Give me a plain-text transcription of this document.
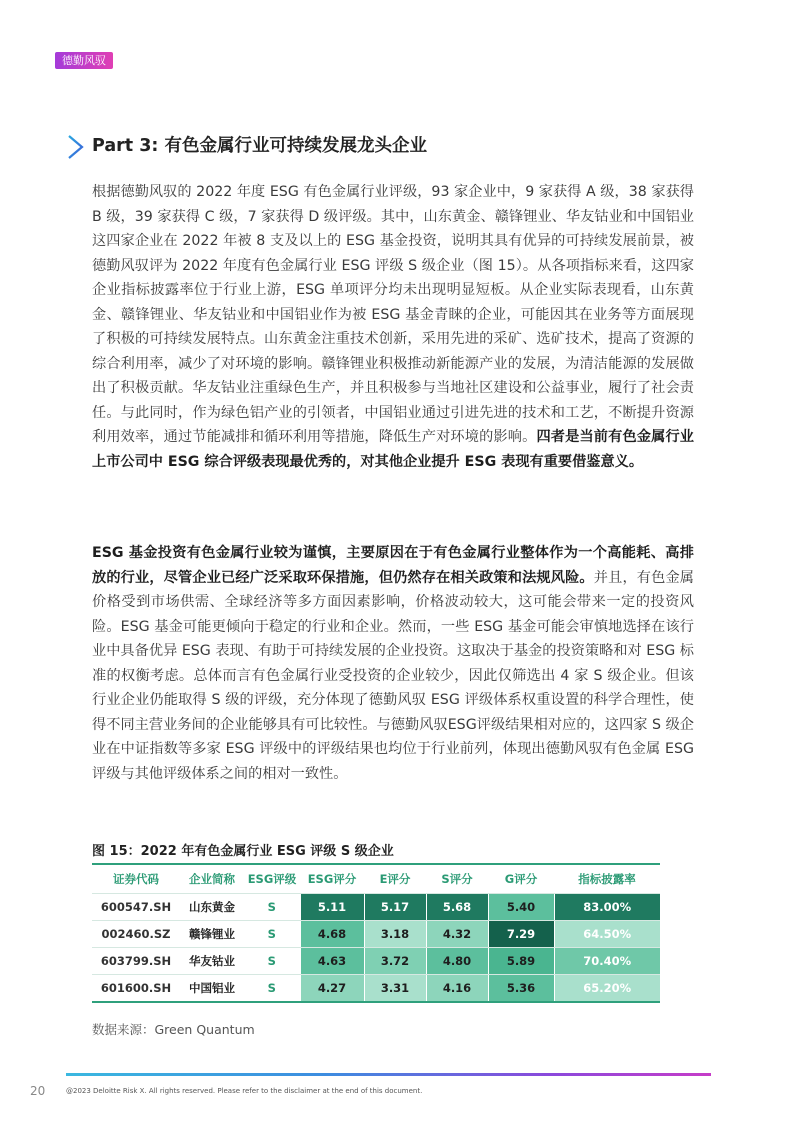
德勤风驭
Part 3: 有色金属行业可持续发展龙头企业

根据德勤风驭的 2022 年度 ESG 有色金属行业评级，93 家企业中，9 家获得 A 级，38 家获得 B 级，39 家获得 C 级，7 家获得 D 级评级。其中，山东黄金、赣锋锂业、华友钴业和中国铝业这四家企业在 2022 年被 8 支及以上的 ESG 基金投资，说明其具有优异的可持续发展前景，被德勤风驭评为 2022 年度有色金属行业 ESG 评级 S 级企业（图 15）。从各项指标来看，这四家企业指标披露率位于行业上游，ESG 单项评分均未出现明显短板。从企业实际表现看，山东黄金、赣锋锂业、华友钴业和中国铝业作为被 ESG 基金青睐的企业，可能因其在业务等方面展现了积极的可持续发展特点。山东黄金注重技术创新，采用先进的采矿、选矿技术，提高了资源的综合利用率，减少了对环境的影响。赣锋锂业积极推动新能源产业的发展，为清洁能源的发展做出了积极贡献。华友钴业注重绿色生产，并且积极参与当地社区建设和公益事业，履行了社会责任。与此同时，作为绿色铝产业的引领者，中国铝业通过引进先进的技术和工艺，不断提升资源利用效率，通过节能减排和循环利用等措施，降低生产对环境的影响。四者是当前有色金属行业上市公司中 ESG 综合评级表现最优秀的，对其他企业提升 ESG 表现有重要借鉴意义。

ESG 基金投资有色金属行业较为谨慎，主要原因在于有色金属行业整体作为一个高能耗、高排放的行业，尽管企业已经广泛采取环保措施，但仍然存在相关政策和法规风险。并且，有色金属价格受到市场供需、全球经济等多方面因素影响，价格波动较大，这可能会带来一定的投资风险。ESG 基金可能更倾向于稳定的行业和企业。然而，一些 ESG 基金可能会审慎地选择在该行业中具备优异 ESG 表现、有助于可持续发展的企业投资。这取决于基金的投资策略和对 ESG 标准的权衡考虑。总体而言有色金属行业受投资的企业较少，因此仅筛选出 4 家 S 级企业。但该行业企业仍能取得 S 级的评级，充分体现了德勤风驭 ESG 评级体系权重设置的科学合理性，使得不同主营业务间的企业能够具有可比较性。与德勤风驭ESG评级结果相对应的，这四家 S 级企业在中证指数等多家 ESG 评级中的评级结果也均位于行业前列，体现出德勤风驭有色金属 ESG 评级与其他评级体系之间的相对一致性。

图 15：2022 年有色金属行业 ESG 评级 S 级企业
证券代码	企业简称	ESG评级	ESG评分	E评分	S评分	G评分	指标披露率
600547.SH	山东黄金	S	5.11	5.17	5.68	5.40	83.00%
002460.SZ	赣锋锂业	S	4.68	3.18	4.32	7.29	64.50%
603799.SH	华友钴业	S	4.63	3.72	4.80	5.89	70.40%
601600.SH	中国铝业	S	4.27	3.31	4.16	5.36	65.20%
数据来源：Green Quantum
20	@2023 Deloitte Risk X. All rights reserved. Please refer to the disclaimer at the end of this document.
